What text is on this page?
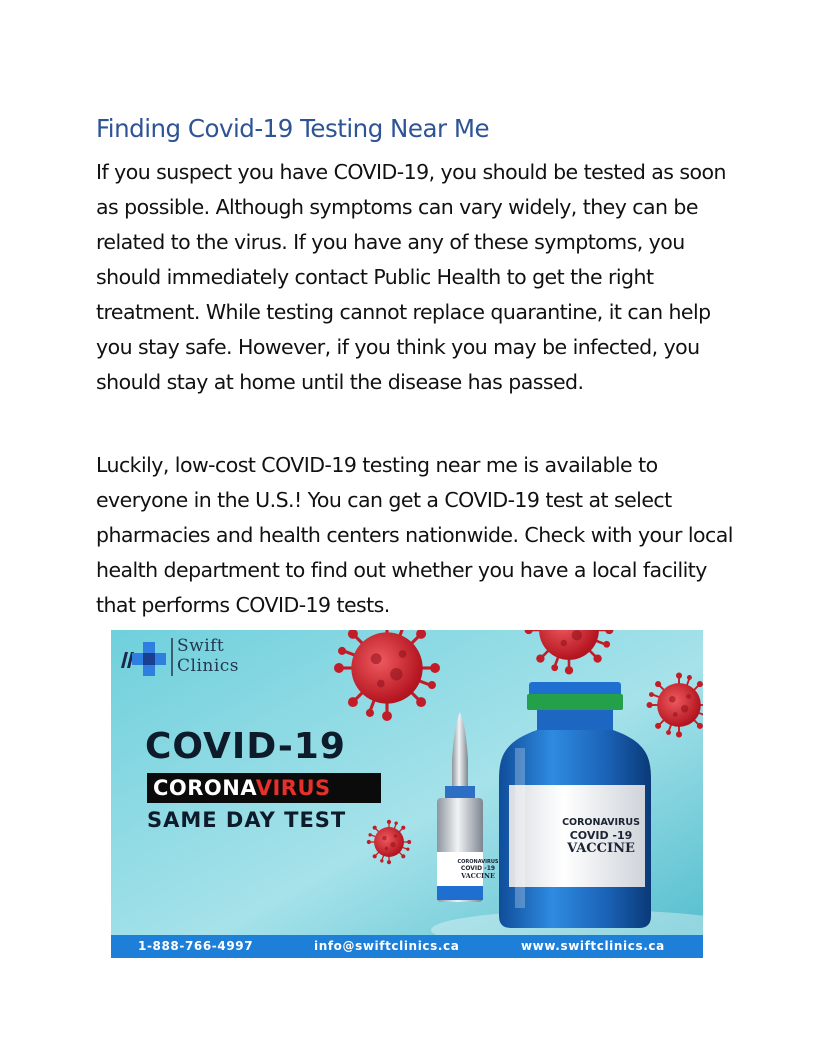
Finding Covid-19 Testing Near Me

If you suspect you have COVID-19, you should be tested as soon as possible. Although symptoms can vary widely, they can be related to the virus. If you have any of these symptoms, you should immediately contact Public Health to get the right treatment. While testing cannot replace quarantine, it can help you stay safe. However, if you think you may be infected, you should stay at home until the disease has passed.

Luckily, low-cost COVID-19 testing near me is available to everyone in the U.S.! You can get a COVID-19 test at select pharmacies and health centers nationwide. Check with your local health department to find out whether you have a local facility that performs COVID-19 tests.

Swift
Clinics
COVID-19
CORONAVIRUS
SAME DAY TEST	CORONAVIRUS
COVID -19
VACCINE
CORONAVIRUS
COVID -19
VACCINE
1-888-766-4997	info@swiftclinics.ca	www.swiftclinics.ca
